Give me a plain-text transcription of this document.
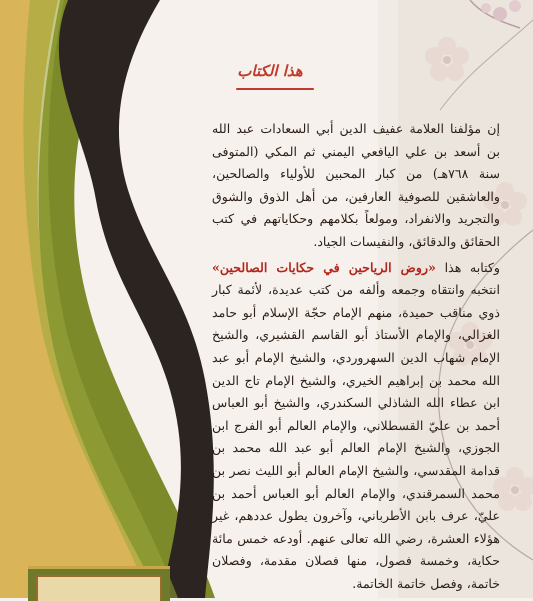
هذا الكتاب

إن مؤلفنا العلامة عفيف الدين أبي السعادات عبد الله بن أسعد بن علي اليافعي اليمني ثم المكي (المتوفى سنة ٧٦٨هـ) من كبار المحبين للأولياء والصالحين، والعاشقين للصوفية العارفين، من أهل الذوق والشوق والتجريد والانفراد، ومولعاً بكلامهم وحكاياتهم في كتب الحقائق والدقائق، والنفيسات الجياد.

وكتابه هذا «روض الرياحين في حكايات الصالحين» انتخبه وانتقاه وجمعه وألفه من كتب عديدة، لأئمة كبار ذوي مناقب حميدة، منهم الإمام حجّة الإسلام أبو حامد الغزالي، والإمام الأستاذ أبو القاسم القشيري، والشيخ الإمام شهاب الدين السهروردي، والشيخ الإمام أبو عبد الله محمد بن إبراهيم الخيري، والشيخ الإمام تاج الدين ابن عطاء الله الشاذلي السكندري، والشيخ أبو العباس أحمد بن عليّ القسطلاني، والإمام العالم أبو الفرج ابن الجوزي، والشيخ الإمام العالم أبو عبد الله محمد بن قدامة المقدسي، والشيخ الإمام العالم أبو الليث نصر بن محمد السمرقندي، والإمام العالم أبو العباس أحمد بن عليّ، عرف بابن الأطرباني، وآخرون يطول عددهم، غير هؤلاء العشرة، رضي الله تعالى عنهم. أودعه خمس مائة حكاية، وخمسة فصول، منها فصلان مقدمة، وفصلان خاتمة، وفصل خاتمة الخاتمة.
